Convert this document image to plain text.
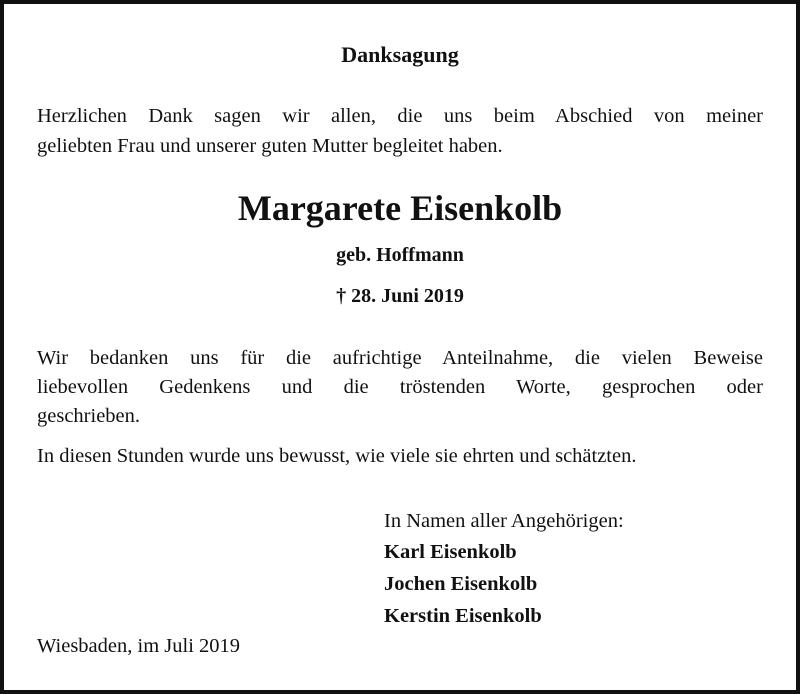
Danksagung
Herzlichen Dank sagen wir allen, die uns beim Abschied von meiner
geliebten Frau und unserer guten Mutter begleitet haben.
Margarete Eisenkolb
geb. Hoffmann
† 28. Juni 2019
Wir bedanken uns für die aufrichtige Anteilnahme, die vielen Beweise
liebevollen Gedenkens und die tröstenden Worte, gesprochen oder
geschrieben.
In diesen Stunden wurde uns bewusst, wie viele sie ehrten und schätzten.
In Namen aller Angehörigen:
Karl Eisenkolb
Jochen Eisenkolb
Kerstin Eisenkolb
Wiesbaden, im Juli 2019
